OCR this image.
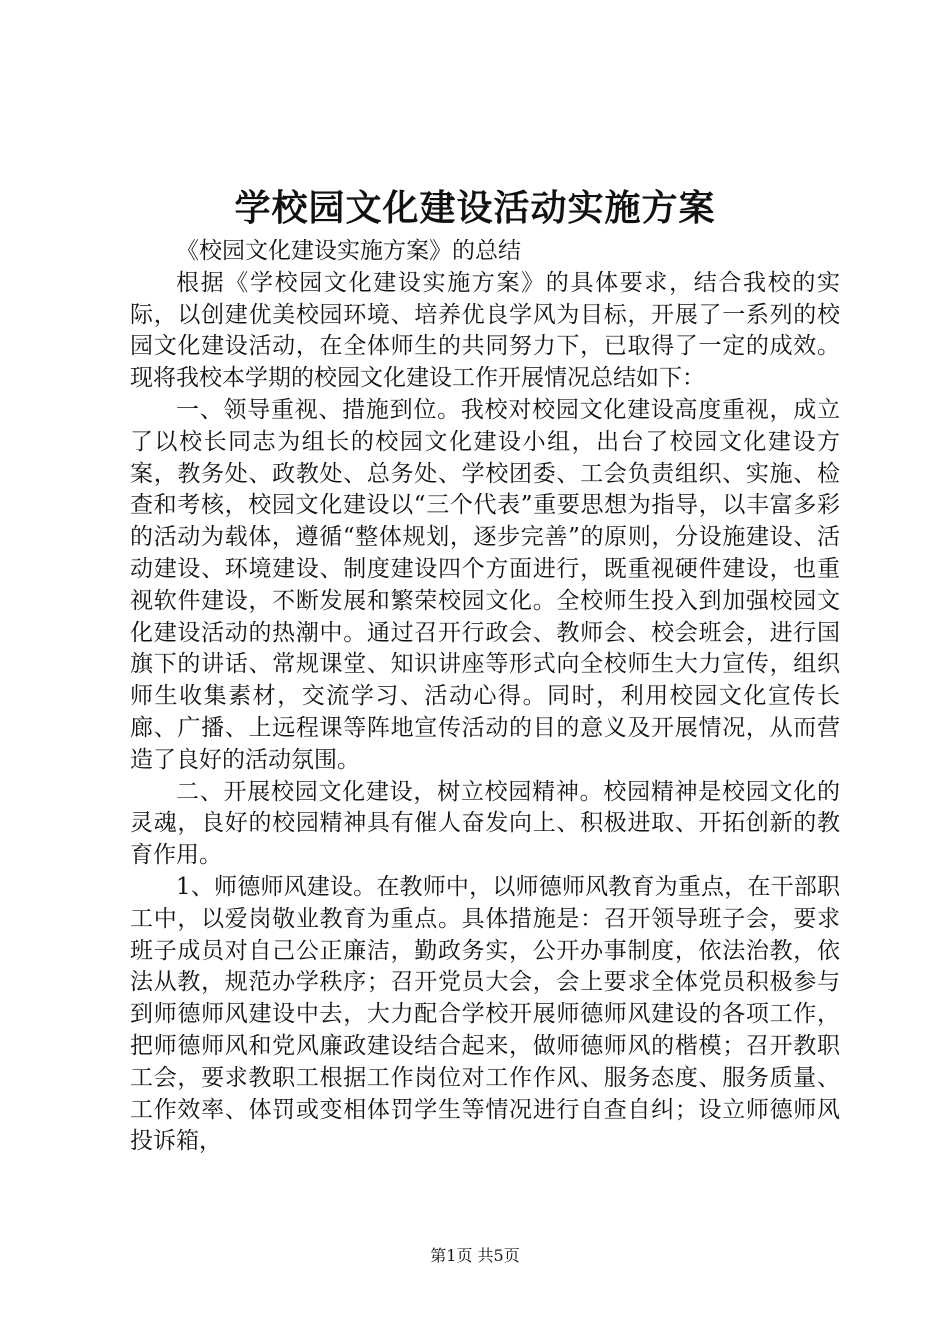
学校园文化建设活动实施方案

《校园文化建设实施方案》的总结

根据《学校园文化建设实施方案》的具体要求，结合我校的实际，以创建优美校园环境、培养优良学风为目标，开展了一系列的校园文化建设活动，在全体师生的共同努力下，已取得了一定的成效。现将我校本学期的校园文化建设工作开展情况总结如下：

一、领导重视、措施到位。我校对校园文化建设高度重视，成立了以校长同志为组长的校园文化建设小组，出台了校园文化建设方案，教务处、政教处、总务处、学校团委、工会负责组织、实施、检查和考核，校园文化建设以“三个代表”重要思想为指导，以丰富多彩的活动为载体，遵循“整体规划，逐步完善”的原则，分设施建设、活动建设、环境建设、制度建设四个方面进行，既重视硬件建设，也重视软件建设，不断发展和繁荣校园文化。全校师生投入到加强校园文化建设活动的热潮中。通过召开行政会、教师会、校会班会，进行国旗下的讲话、常规课堂、知识讲座等形式向全校师生大力宣传，组织师生收集素材，交流学习、活动心得。同时，利用校园文化宣传长廊、广播、上远程课等阵地宣传活动的目的意义及开展情况，从而营造了良好的活动氛围。

二、开展校园文化建设，树立校园精神。校园精神是校园文化的灵魂，良好的校园精神具有催人奋发向上、积极进取、开拓创新的教育作用。

1、师德师风建设。在教师中，以师德师风教育为重点，在干部职工中，以爱岗敬业教育为重点。具体措施是：召开领导班子会，要求班子成员对自己公正廉洁，勤政务实，公开办事制度，依法治教，依法从教，规范办学秩序；召开党员大会，会上要求全体党员积极参与到师德师风建设中去，大力配合学校开展师德师风建设的各项工作，把师德师风和党风廉政建设结合起来，做师德师风的楷模；召开教职工会，要求教职工根据工作岗位对工作作风、服务态度、服务质量、工作效率、体罚或变相体罚学生等情况进行自查自纠；设立师德师风投诉箱，

第1页 共5页
